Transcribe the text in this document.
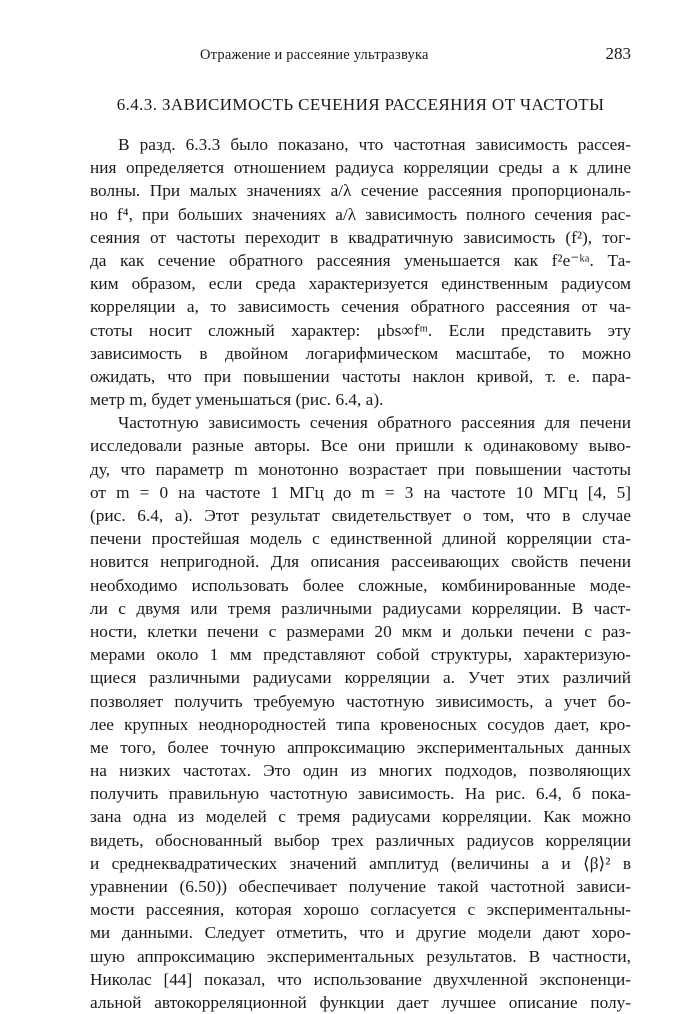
Отражение и рассеяние ультразвука	283
6.4.3. ЗАВИСИМОСТЬ СЕЧЕНИЯ РАССЕЯНИЯ ОТ ЧАСТОТЫ
В разд. 6.3.3 было показано, что частотная зависимость рассея-
ния определяется отношением радиуса корреляции среды a к длине
волны. При малых значениях a/λ сечение рассеяния пропорциональ-
но f⁴, при больших значениях a/λ зависимость полного сечения рас-
сеяния от частоты переходит в квадратичную зависимость (f²), тог-
да как сечение обратного рассеяния уменьшается как f²e⁻ᵏᵃ. Та-
ким образом, если среда характеризуется единственным радиусом
корреляции a, то зависимость сечения обратного рассеяния от ча-
стоты носит сложный характер: μbs∞fᵐ. Если представить эту
зависимость в двойном логарифмическом масштабе, то можно
ожидать, что при повышении частоты наклон кривой, т. е. пара-
метр m, будет уменьшаться (рис. 6.4, a).
Частотную зависимость сечения обратного рассеяния для печени
исследовали разные авторы. Все они пришли к одинаковому выво-
ду, что параметр m монотонно возрастает при повышении частоты
от m = 0 на частоте 1 МГц до m = 3 на частоте 10 МГц [4, 5]
(рис. 6.4, a). Этот результат свидетельствует о том, что в случае
печени простейшая модель с единственной длиной корреляции ста-
новится непригодной. Для описания рассеивающих свойств печени
необходимо использовать более сложные, комбинированные моде-
ли с двумя или тремя различными радиусами корреляции. В част-
ности, клетки печени с размерами 20 мкм и дольки печени с раз-
мерами около 1 мм представляют собой структуры, характеризую-
щиеся различными радиусами корреляции a. Учет этих различий
позволяет получить требуемую частотную зивисимость, а учет бо-
лее крупных неоднородностей типа кровеносных сосудов дает, кро-
ме того, более точную аппроксимацию экспериментальных данных
на низких частотах. Это один из многих подходов, позволяющих
получить правильную частотную зависимость. На рис. 6.4, б пока-
зана одна из моделей с тремя радиусами корреляции. Как можно
видеть, обоснованный выбор трех различных радиусов корреляции
и среднеквадратических значений амплитуд (величины a и ⟨β⟩² в
уравнении (6.50)) обеспечивает получение такой частотной зависи-
мости рассеяния, которая хорошо согласуется с экспериментальны-
ми данными. Следует отметить, что и другие модели дают хоро-
шую аппроксимацию экспериментальных результатов. В частности,
Николас [44] показал, что использование двухчленной экспоненци-
альной автокорреляционной функции дает лучшее описание полу-
